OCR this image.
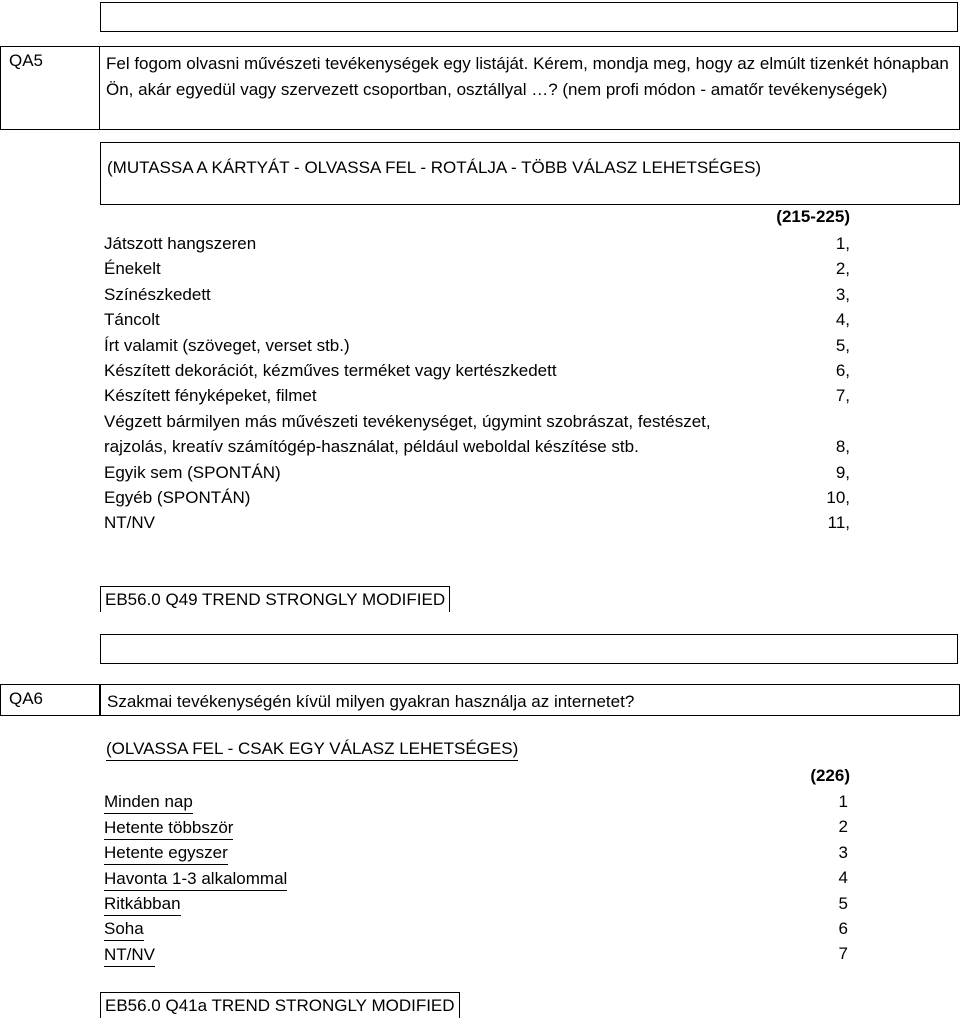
QA5	Fel fogom olvasni művészeti tevékenységek egy listáját. Kérem, mondja meg, hogy az elmúlt tizenkét hónapban Ön, akár egyedül vagy szervezett csoportban, osztállyal …? (nem profi módon - amatőr tevékenységek)
(MUTASSA A KÁRTYÁT - OLVASSA FEL - ROTÁLJA - TÖBB VÁLASZ LEHETSÉGES)
(215-225)
Játszott hangszeren	1,
Énekelt	2,
Színészkedett	3,
Táncolt	4,
Írt valamit (szöveget, verset stb.)	5,
Készített dekorációt, kézműves terméket vagy kertészkedett	6,
Készített fényképeket, filmet	7,
Végzett bármilyen más művészeti tevékenységet, úgymint szobrászat, festészet, rajzolás, kreatív számítógép-használat, például weboldal készítése stb.	8,
Egyik sem (SPONTÁN)	9,
Egyéb (SPONTÁN)	10,
NT/NV	11,
EB56.0 Q49 TREND STRONGLY MODIFIED
QA6	Szakmai tevékenységén kívül milyen gyakran használja az internetet?
(OLVASSA FEL - CSAK EGY VÁLASZ LEHETSÉGES)
(226)
Minden nap	1
Hetente többször	2
Hetente egyszer	3
Havonta 1-3 alkalommal	4
Ritkábban	5
Soha	6
NT/NV	7
EB56.0 Q41a TREND STRONGLY MODIFIED
